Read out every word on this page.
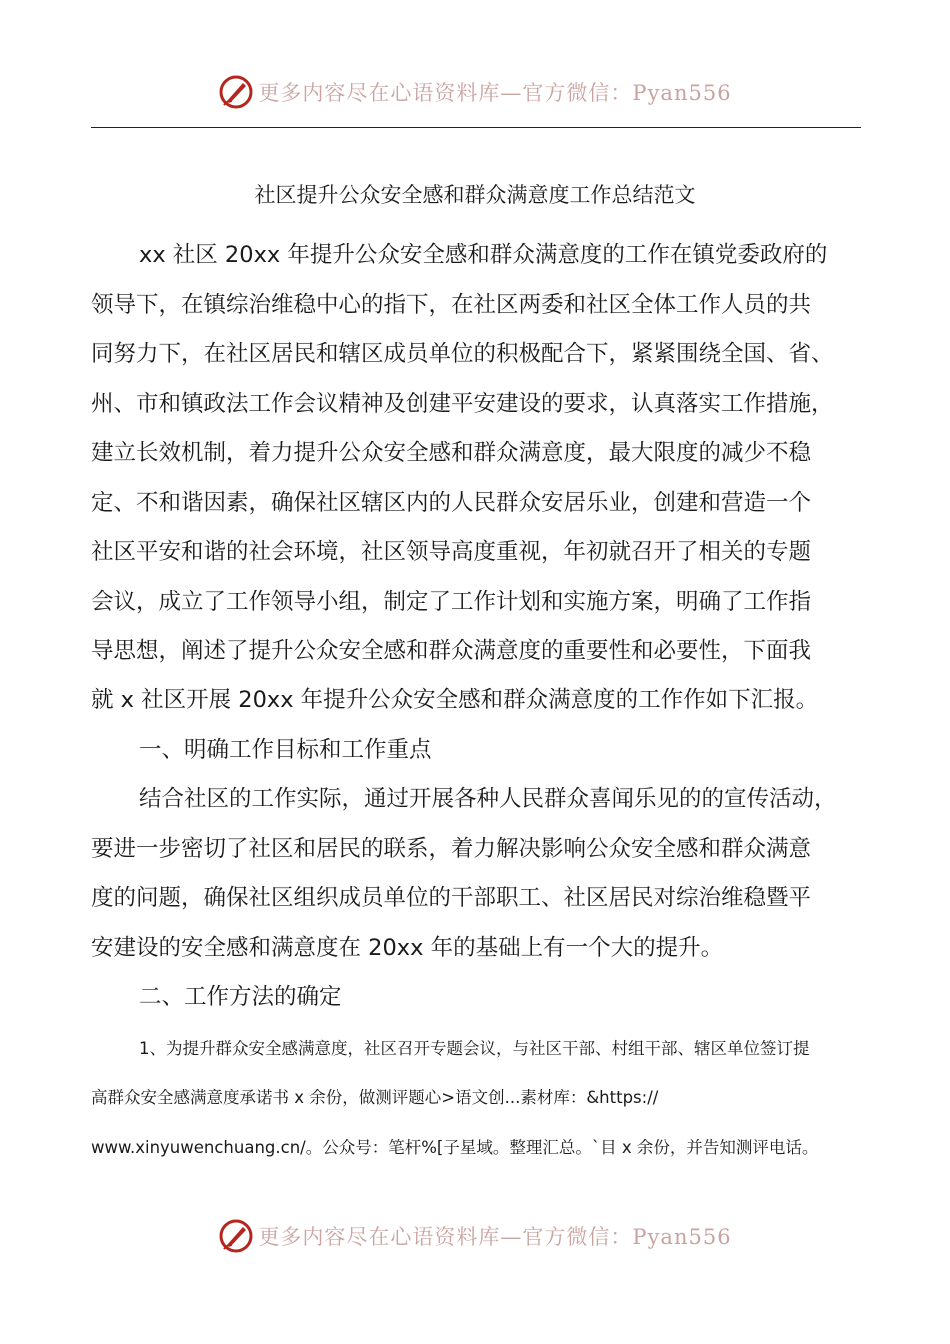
更多内容尽在心语资料库—官方微信：Pyan556
社区提升公众安全感和群众满意度工作总结范文
xx 社区 20xx 年提升公众安全感和群众满意度的工作在镇党委政府的
领导下，在镇综治维稳中心的指下，在社区两委和社区全体工作人员的共
同努力下，在社区居民和辖区成员单位的积极配合下，紧紧围绕全国、省、
州、市和镇政法工作会议精神及创建平安建设的要求，认真落实工作措施，
建立长效机制，着力提升公众安全感和群众满意度，最大限度的减少不稳
定、不和谐因素，确保社区辖区内的人民群众安居乐业，创建和营造一个
社区平安和谐的社会环境，社区领导高度重视，年初就召开了相关的专题
会议，成立了工作领导小组，制定了工作计划和实施方案，明确了工作指
导思想，阐述了提升公众安全感和群众满意度的重要性和必要性，下面我
就 x 社区开展 20xx 年提升公众安全感和群众满意度的工作作如下汇报。
一、明确工作目标和工作重点
结合社区的工作实际，通过开展各种人民群众喜闻乐见的的宣传活动，
要进一步密切了社区和居民的联系，着力解决影响公众安全感和群众满意
度的问题，确保社区组织成员单位的干部职工、社区居民对综治维稳暨平
安建设的安全感和满意度在 20xx 年的基础上有一个大的提升。
二、工作方法的确定
1、为提升群众安全感满意度，社区召开专题会议，与社区干部、村组干部、辖区单位签订提
高群众安全感满意度承诺书 x 余份，做测评题心>语文创...素材库：&https://
www.xinyuwenchuang.cn/。公众号：笔杆%[子星域。整理汇总。`目 x 余份，并告知测评电话。
更多内容尽在心语资料库—官方微信：Pyan556
